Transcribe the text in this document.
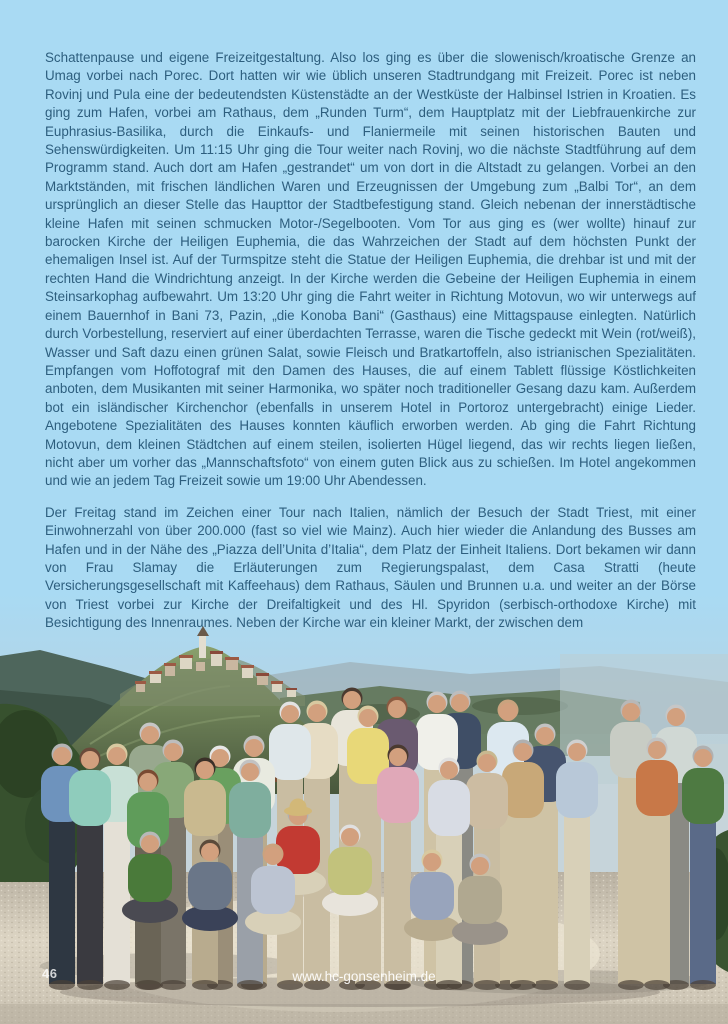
Schattenpause und eigene Freizeitgestaltung. Also los ging es über die slowenisch/kroatische Grenze an Umag vorbei nach Porec. Dort hatten wir wie üblich unseren Stadtrundgang mit Freizeit. Porec ist neben Rovinj und Pula eine der bedeutendsten Küstenstädte an der Westküste der Halbinsel Istrien in Kroatien. Es ging zum Hafen, vorbei am Rathaus, dem „Runden Turm“, dem Hauptplatz mit der Liebfrauenkirche zur Euphrasius-Basilika, durch die Einkaufs- und Flaniermeile mit seinen historischen Bauten und Sehenswürdigkeiten. Um 11:15 Uhr ging die Tour weiter nach Rovinj, wo die nächste Stadtführung auf dem Programm stand. Auch dort am Hafen „gestrandet“ um von dort in die Altstadt zu gelangen. Vorbei an den Marktständen, mit frischen ländlichen Waren und Erzeugnissen der Umgebung zum „Balbi Tor“, an dem ursprünglich an dieser Stelle das Haupttor der Stadtbefestigung stand. Gleich nebenan der innerstädtische kleine Hafen mit seinen schmucken Motor-/Segelbooten. Vom Tor aus ging es (wer wollte) hinauf zur barocken Kirche der Heiligen Euphemia, die das Wahrzeichen der Stadt auf dem höchsten Punkt der ehemaligen Insel ist. Auf der Turmspitze steht die Statue der Heiligen Euphemia, die drehbar ist und mit der rechten Hand die Windrichtung anzeigt. In der Kirche werden die Gebeine der Heiligen Euphemia in einem Steinsarkophag aufbewahrt. Um 13:20 Uhr ging die Fahrt weiter in Richtung Motovun, wo wir unterwegs auf einem Bauernhof in Bani 73, Pazin, „die Konoba Bani“ (Gasthaus) eine Mittagspause einlegten. Natürlich durch Vorbestellung, reserviert auf einer überdachten Terrasse, waren die Tische gedeckt mit Wein (rot/weiß), Wasser und Saft dazu einen grünen Salat, sowie Fleisch und Bratkartoffeln, also istrianischen Spezialitäten. Empfangen vom Hoffotograf mit den Damen des Hauses, die auf einem Tablett flüssige Köstlichkeiten anboten, dem Musikanten mit seiner Harmonika, wo später noch traditioneller Gesang dazu kam. Außerdem bot ein isländischer Kirchenchor (ebenfalls in unserem Hotel in Portoroz untergebracht) einige Lieder. Angebotene Spezialitäten des Hauses konnten käuflich erworben werden. Ab ging die Fahrt Richtung Motovun, dem kleinen Städtchen auf einem steilen, isolierten Hügel liegend, das wir rechts liegen ließen, nicht aber um vorher das „Mannschaftsfoto“ von einem guten Blick aus zu schießen. Im Hotel angekommen und wie an jedem Tag Freizeit sowie um 19:00 Uhr Abendessen.

Der Freitag stand im Zeichen einer Tour nach Italien, nämlich der Besuch der Stadt Triest, mit einer Einwohnerzahl von über 200.000 (fast so viel wie Mainz). Auch hier wieder die Anlandung des Busses am Hafen und in der Nähe des „Piazza dell’Unita d’Italia“, dem Platz der Einheit Italiens. Dort bekamen wir dann von Frau Slamay die Erläuterungen zum Regierungspalast, dem Casa Stratti (heute Versicherungsgesellschaft mit Kaffeehaus) dem Rathaus, Säulen und Brunnen u.a. und weiter an der Börse von Triest vorbei zur Kirche der Dreifaltigkeit und des Hl. Spyridon (serbisch-orthodoxe Kirche) mit Besichtigung des Innenraumes. Neben der Kirche war ein kleiner Markt, der zwischen dem

46	www.hc-gonsenheim.de
